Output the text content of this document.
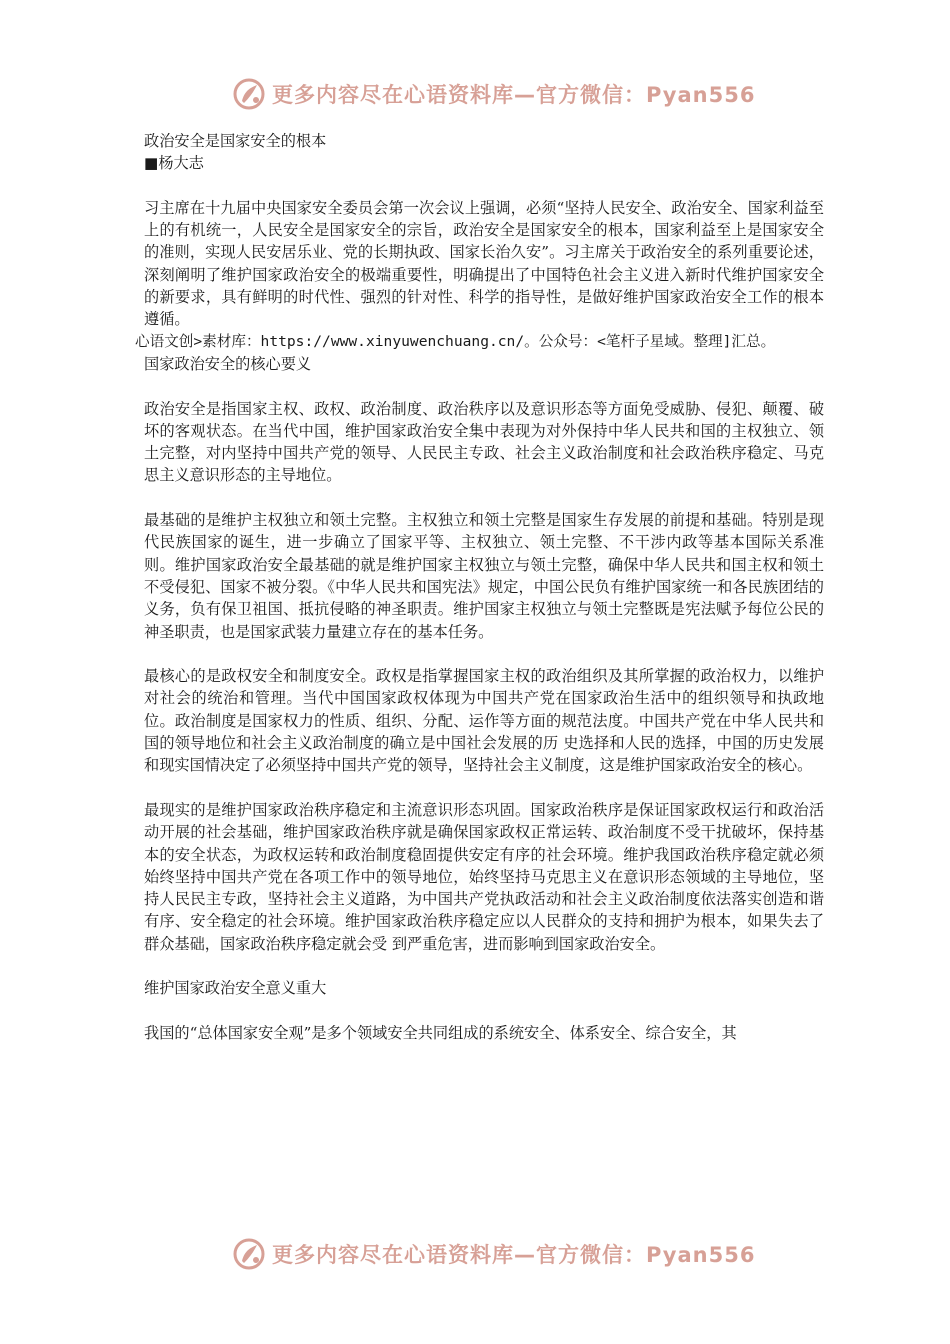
更多内容尽在心语资料库—官方微信：Pyan556

政治安全是国家安全的根本

■杨大志

习主席在十九届中央国家安全委员会第一次会议上强调，必须“坚持人民安全、政治安全、国家利益至上的有机统一，人民安全是国家安全的宗旨，政治安全是国家安全的根本，国家利益至上是国家安全的准则，实现人民安居乐业、党的长期执政、国家长治久安”。习主席关于政治安全的系列重要论述，深刻阐明了维护国家政治安全的极端重要性，明确提出了中国特色社会主义进入新时代维护国家安全的新要求，具有鲜明的时代性、强烈的针对性、科学的指导性，是做好维护国家政治安全工作的根本遵循。

心语文创>素材库：https://www.xinyuwenchuang.cn/。公众号：<笔杆子星域。整理]汇总。

国家政治安全的核心要义

政治安全是指国家主权、政权、政治制度、政治秩序以及意识形态等方面免受威胁、侵犯、颠覆、破坏的客观状态。在当代中国，维护国家政治安全集中表现为对外保持中华人民共和国的主权独立、领土完整，对内坚持中国共产党的领导、人民民主专政、社会主义政治制度和社会政治秩序稳定、马克思主义意识形态的主导地位。

最基础的是维护主权独立和领土完整。主权独立和领土完整是国家生存发展的前提和基础。特别是现代民族国家的诞生，进一步确立了国家平等、主权独立、领土完整、不干涉内政等基本国际关系准则。维护国家政治安全最基础的就是维护国家主权独立与领土完整，确保中华人民共和国主权和领土不受侵犯、国家不被分裂。《中华人民共和国宪法》规定，中国公民负有维护国家统一和各民族团结的义务，负有保卫祖国、抵抗侵略的神圣职责。维护国家主权独立与领土完整既是宪法赋予每位公民的神圣职责，也是国家武装力量建立存在的基本任务。

最核心的是政权安全和制度安全。政权是指掌握国家主权的政治组织及其所掌握的政治权力，以维护对社会的统治和管理。当代中国国家政权体现为中国共产党在国家政治生活中的组织领导和执政地位。政治制度是国家权力的性质、组织、分配、运作等方面的规范法度。中国共产党在中华人民共和国的领导地位和社会主义政治制度的确立是中国社会发展的历 史选择和人民的选择，中国的历史发展和现实国情决定了必须坚持中国共产党的领导，坚持社会主义制度，这是维护国家政治安全的核心。

最现实的是维护国家政治秩序稳定和主流意识形态巩固。国家政治秩序是保证国家政权运行和政治活动开展的社会基础，维护国家政治秩序就是确保国家政权正常运转、政治制度不受干扰破坏，保持基本的安全状态，为政权运转和政治制度稳固提供安定有序的社会环境。维护我国政治秩序稳定就必须始终坚持中国共产党在各项工作中的领导地位，始终坚持马克思主义在意识形态领域的主导地位，坚持人民民主专政，坚持社会主义道路，为中国共产党执政活动和社会主义政治制度依法落实创造和谐有序、安全稳定的社会环境。维护国家政治秩序稳定应以人民群众的支持和拥护为根本，如果失去了群众基础，国家政治秩序稳定就会受 到严重危害，进而影响到国家政治安全。

维护国家政治安全意义重大

我国的“总体国家安全观”是多个领域安全共同组成的系统安全、体系安全、综合安全，其

更多内容尽在心语资料库—官方微信：Pyan556
